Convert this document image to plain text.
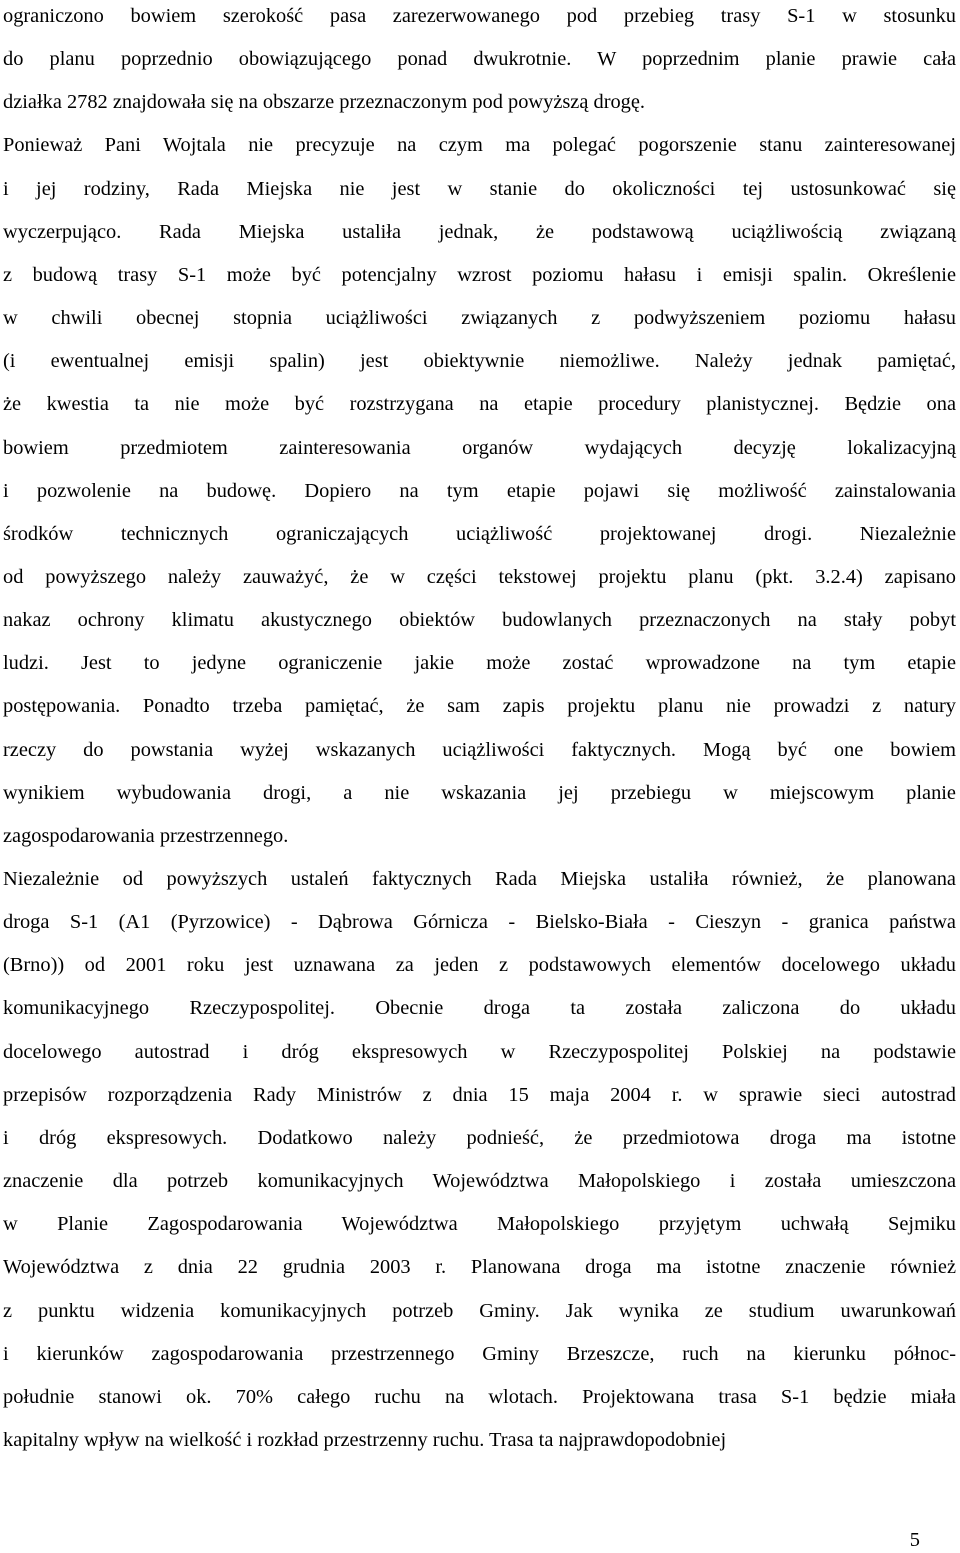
ograniczono bowiem szerokość pasa zarezerwowanego pod przebieg trasy S-1 w stosunku
do planu poprzednio obowiązującego ponad dwukrotnie. W poprzednim planie prawie cała
działka 2782 znajdowała się na obszarze przeznaczonym pod powyższą drogę.
Ponieważ Pani Wojtala nie precyzuje na czym ma polegać pogorszenie stanu zainteresowanej
i jej rodziny, Rada Miejska nie jest w stanie do okoliczności tej ustosunkować się
wyczerpująco. Rada Miejska ustaliła jednak, że podstawową uciążliwością związaną
z budową trasy S-1 może być potencjalny wzrost poziomu hałasu i emisji spalin. Określenie
w chwili obecnej stopnia uciążliwości związanych z podwyższeniem poziomu hałasu
(i ewentualnej emisji spalin) jest obiektywnie niemożliwe. Należy jednak pamiętać,
że kwestia ta nie może być rozstrzygana na etapie procedury planistycznej. Będzie ona
bowiem przedmiotem zainteresowania organów wydających decyzję lokalizacyjną
i pozwolenie na budowę. Dopiero na tym etapie pojawi się możliwość zainstalowania
środków technicznych ograniczających uciążliwość projektowanej drogi. Niezależnie
od powyższego należy zauważyć, że w części tekstowej projektu planu (pkt. 3.2.4) zapisano
nakaz ochrony klimatu akustycznego obiektów budowlanych przeznaczonych na stały pobyt
ludzi. Jest to jedyne ograniczenie jakie może zostać wprowadzone na tym etapie
postępowania. Ponadto trzeba pamiętać, że sam zapis projektu planu nie prowadzi z natury
rzeczy do powstania wyżej wskazanych uciążliwości faktycznych. Mogą być one bowiem
wynikiem wybudowania drogi, a nie wskazania jej przebiegu w miejscowym planie
zagospodarowania przestrzennego.
Niezależnie od powyższych ustaleń faktycznych Rada Miejska ustaliła również, że planowana
droga S-1 (A1 (Pyrzowice) - Dąbrowa Górnicza - Bielsko-Biała - Cieszyn - granica państwa
(Brno)) od 2001 roku jest uznawana za jeden z podstawowych elementów docelowego układu
komunikacyjnego Rzeczypospolitej. Obecnie droga ta została zaliczona do układu
docelowego autostrad i dróg ekspresowych w Rzeczypospolitej Polskiej na podstawie
przepisów rozporządzenia Rady Ministrów z dnia 15 maja 2004 r. w sprawie sieci autostrad
i dróg ekspresowych. Dodatkowo należy podnieść, że przedmiotowa droga ma istotne
znaczenie dla potrzeb komunikacyjnych Województwa Małopolskiego i została umieszczona
w Planie Zagospodarowania Województwa Małopolskiego przyjętym uchwałą Sejmiku
Województwa z dnia 22 grudnia 2003 r. Planowana droga ma istotne znaczenie również
z punktu widzenia komunikacyjnych potrzeb Gminy. Jak wynika ze studium uwarunkowań
i kierunków zagospodarowania przestrzennego Gminy Brzeszcze, ruch na kierunku północ-
południe stanowi ok. 70% całego ruchu na wlotach. Projektowana trasa S-1 będzie miała
kapitalny wpływ na wielkość i rozkład przestrzenny ruchu. Trasa ta najprawdopodobniej
5
